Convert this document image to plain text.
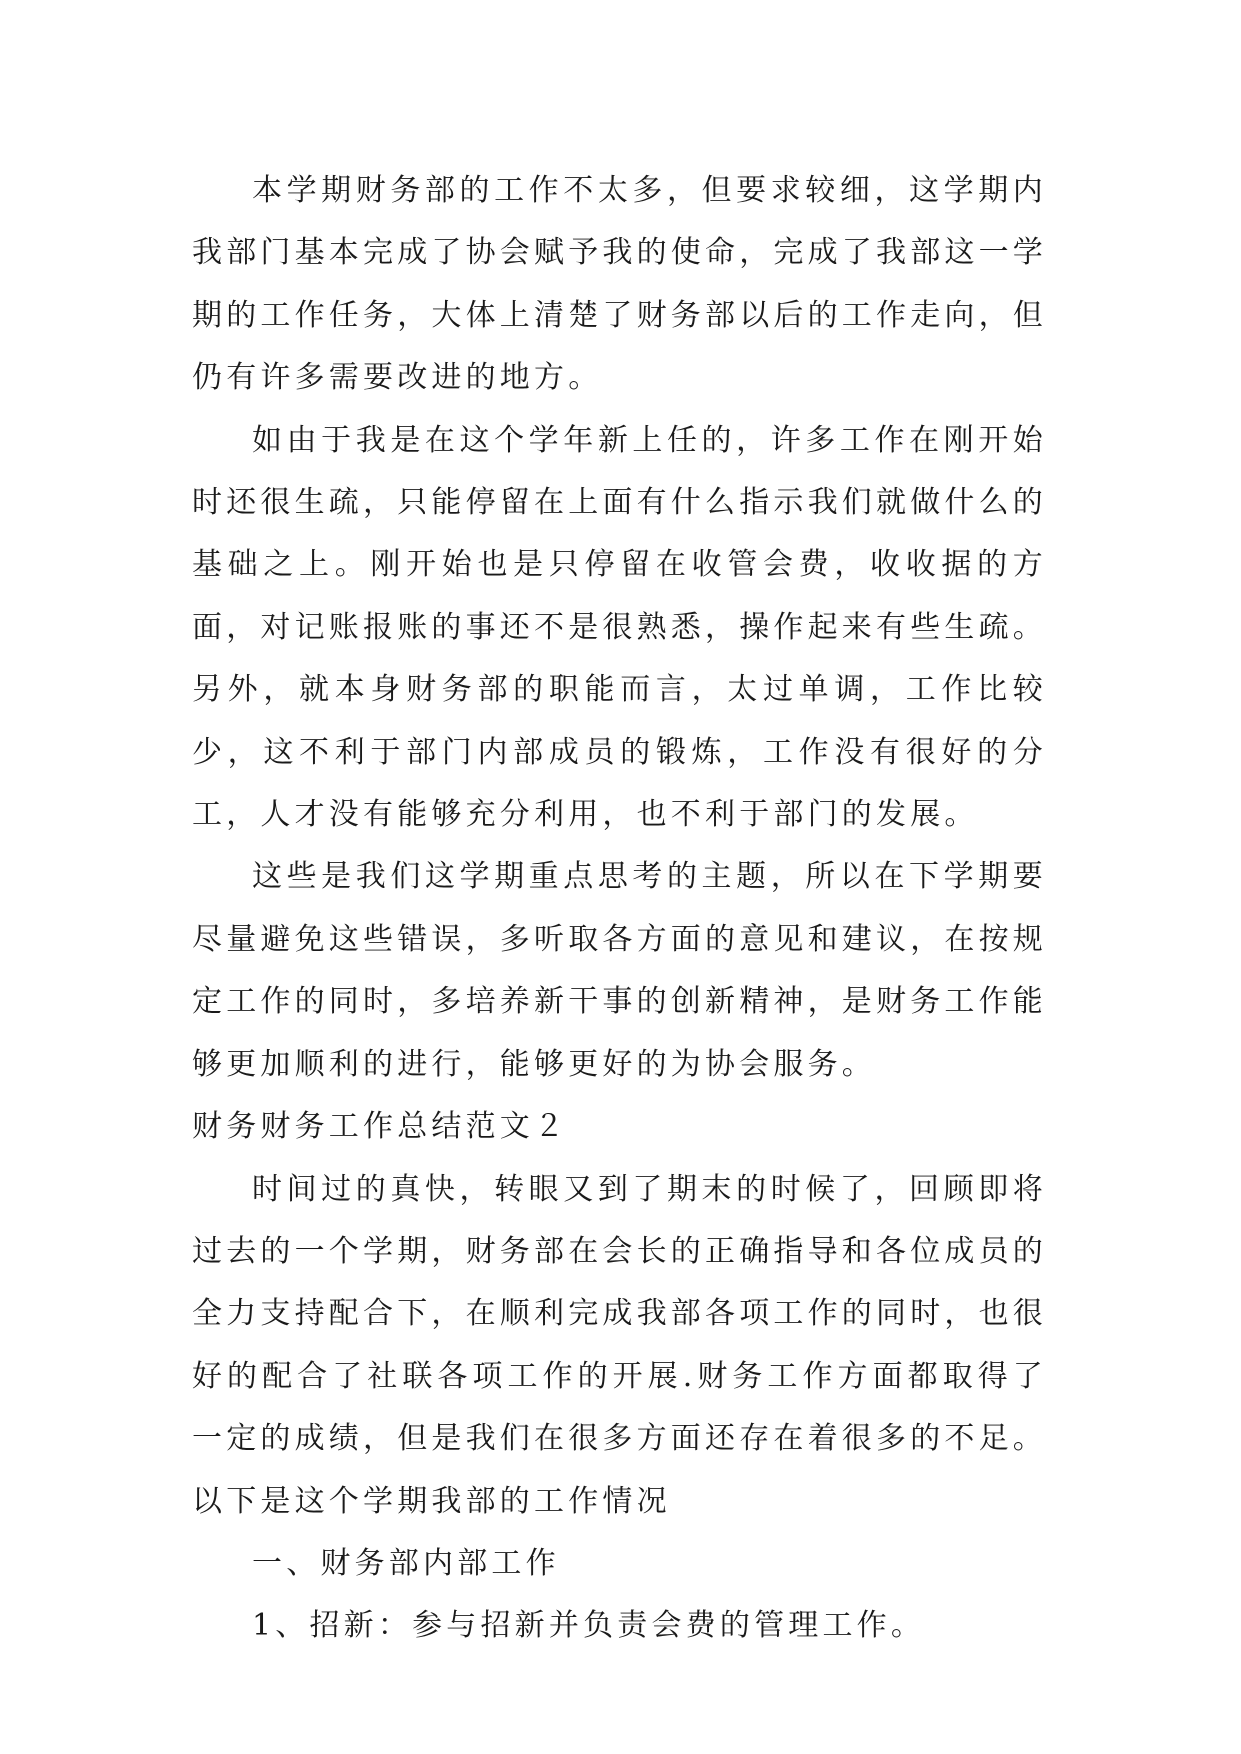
本学期财务部的工作不太多，但要求较细，这学期内我部门基本完成了协会赋予我的使命，完成了我部这一学期的工作任务，大体上清楚了财务部以后的工作走向，但仍有许多需要改进的地方。

如由于我是在这个学年新上任的，许多工作在刚开始时还很生疏，只能停留在上面有什么指示我们就做什么的基础之上。刚开始也是只停留在收管会费，收收据的方面，对记账报账的事还不是很熟悉，操作起来有些生疏。另外，就本身财务部的职能而言，太过单调，工作比较少，这不利于部门内部成员的锻炼，工作没有很好的分工，人才没有能够充分利用，也不利于部门的发展。

这些是我们这学期重点思考的主题，所以在下学期要尽量避免这些错误，多听取各方面的意见和建议，在按规定工作的同时，多培养新干事的创新精神，是财务工作能够更加顺利的进行，能够更好的为协会服务。

财务财务工作总结范文２

时间过的真快，转眼又到了期末的时候了，回顾即将过去的一个学期，财务部在会长的正确指导和各位成员的全力支持配合下，在顺利完成我部各项工作的同时，也很好的配合了社联各项工作的开展.财务工作方面都取得了一定的成绩，但是我们在很多方面还存在着很多的不足。以下是这个学期我部的工作情况

一、财务部内部工作

1、招新：参与招新并负责会费的管理工作。
